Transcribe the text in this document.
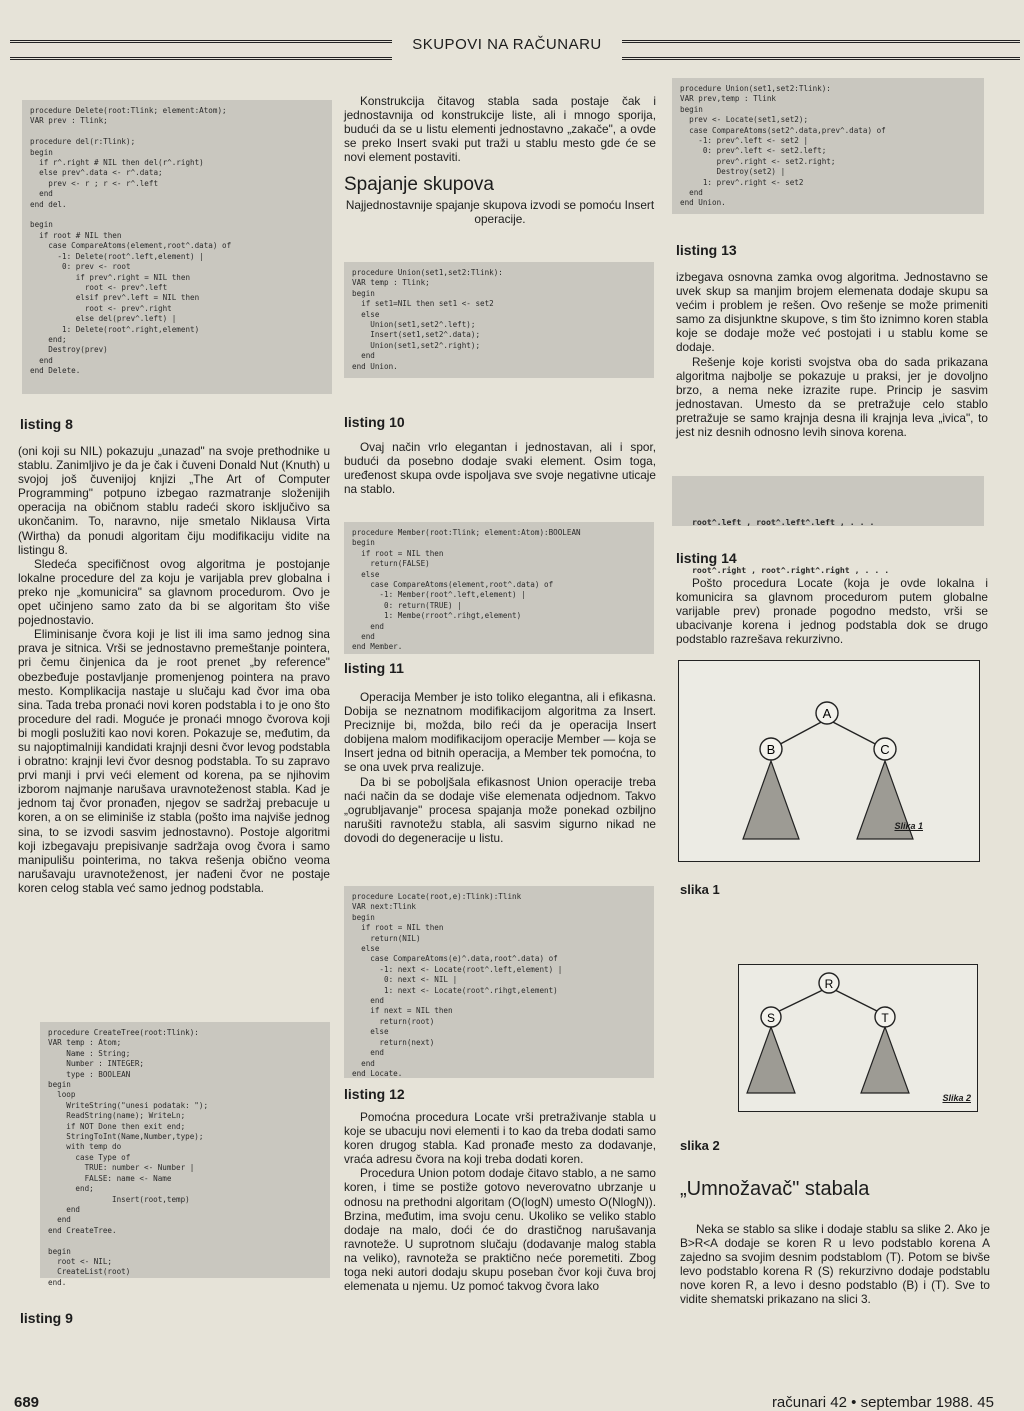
SKUPOVI NA RAČUNARU
procedure Delete(root:Tlink; element:Atom);
VAR prev : Tlink;

procedure del(r:Tlink);
begin
if r^.right # NIL then del(r^.right)
else prev^.data <- r^.data;
prev <- r ; r <- r^.left
end
end del.

begin
if root # NIL then
case CompareAtoms(element,root^.data) of
-1: Delete(root^.left,element) |
0: prev <- root
if prev^.right = NIL then
root <- prev^.left
elsif prev^.left = NIL then
root <- prev^.right
else del(prev^.left) |
1: Delete(root^.right,element)
end;
Destroy(prev)
end
end Delete.
listing 8

(oni koji su NIL) pokazuju „unazad" na svoje prethodnike u stablu. Zanimljivo je da je čak i čuveni Donald Nut (Knuth) u svojoj još čuvenijoj knjizi „The Art of Computer Programming" potpuno izbegao razmatranje složenijih operacija na običnom stablu radeći skoro isključivo sa ukončanim. To, naravno, nije smetalo Niklausa Virta (Wirtha) da ponudi algoritam čiju modifikaciju vidite na listingu 8.

Sledeća specifičnost ovog algoritma je postojanje lokalne procedure del za koju je varijabla prev globalna i preko nje „komunicira" sa glavnom procedurom. Ovo je opet učinjeno samo zato da bi se algoritam što više pojednostavio.

Eliminisanje čvora koji je list ili ima samo jednog sina prava je sitnica. Vrši se jednostavno premeštanje pointera, pri čemu činjenica da je root prenet „by reference" obezbeđuje postavljanje promenjenog pointera na pravo mesto. Komplikacija nastaje u slučaju kad čvor ima oba sina. Tada treba pronaći novi koren podstabla i to je ono što procedure del radi. Moguće je pronaći mnogo čvorova koji bi mogli poslužiti kao novi koren. Pokazuje se, međutim, da su najoptimalniji kandidati krajnji desni čvor levog podstabla i obratno: krajnji levi čvor desnog podstabla. To su zapravo prvi manji i prvi veći element od korena, pa se njihovim izborom najmanje narušava uravnoteženost stabla. Kad je jednom taj čvor pronađen, njegov se sadržaj prebacuje u koren, a on se eliminiše iz stabla (pošto ima najviše jednog sina, to se izvodi sasvim jednostavno). Postoje algoritmi koji izbegavaju prepisivanje sadržaja ovog čvora i samo manipulišu pointerima, no takva rešenja obično veoma narušavaju uravnoteženost, jer nađeni čvor ne postaje koren celog stabla već samo jednog podstabla.

procedure CreateTree(root:Tlink):
VAR temp : Atom;
Name : String;
Number : INTEGER;
type : BOOLEAN
begin
loop
WriteString("unesi podatak: ");
ReadString(name); WriteLn;
if NOT Done then exit end;
StringToInt(Name,Number,type);
with temp do
case Type of
TRUE: number <- Number |
FALSE: name <- Name
end;
Insert(root,temp)
end
end
end CreateTree.

begin
root <- NIL;
CreateList(root)
end.
listing 9

Konstrukcija čitavog stabla sada postaje čak i jednostavnija od konstrukcije liste, ali i mnogo sporija, budući da se u listu elementi jednostavno „zakače", a ovde se preko Insert svaki put traži u stablu mesto gde će se novi element postaviti.

Spajanje skupova
Najjednostavnije spajanje skupova izvodi se pomoću Insert operacije.
procedure Union(set1,set2:Tlink):
VAR temp : Tlink;
begin
if set1=NIL then set1 <- set2
else
Union(set1,set2^.left);
Insert(set1,set2^.data);
Union(set1,set2^.right);
end
end Union.
listing 10

Ovaj način vrlo elegantan i jednostavan, ali i spor, budući da posebno dodaje svaki element. Osim toga, uređenost skupa ovde ispoljava sve svoje negativne uticaje na stablo.

procedure Member(root:Tlink; element:Atom):BOOLEAN
begin
if root = NIL then
return(FALSE)
else
case CompareAtoms(element,root^.data) of
-1: Member(root^.left,element) |
0: return(TRUE) |
1: Membe(rroot^.rihgt,element)
end
end
end Member.
listing 11

Operacija Member je isto toliko elegantna, ali i efikasna. Dobija se neznatnom modifikacijom algoritma za Insert. Preciznije bi, možda, bilo reći da je operacija Insert dobijena malom modifikacijom operacije Member — koja se Insert jedna od bitnih operacija, a Member tek pomoćna, to se ona uvek prva realizuje.

Da bi se poboljšala efikasnost Union operacije treba naći način da se dodaje više elemenata odjednom. Takvo „ogrubljavanje" procesa spajanja može ponekad ozbiljno narušiti ravnotežu stabla, ali sasvim sigurno nikad ne dovodi do degeneracije u listu.

procedure Locate(root,e):Tlink):Tlink
VAR next:Tlink
begin
if root = NIL then
return(NIL)
else
case CompareAtoms(e)^.data,root^.data) of
-1: next <- Locate(root^.left,element) |
0: next <- NIL |
1: next <- Locate(root^.rihgt,element)
end
if next = NIL then
return(root)
else
return(next)
end
end
end Locate.
listing 12

Pomoćna procedura Locate vrši pretraživanje stabla u koje se ubacuju novi elementi i to kao da treba dodati samo koren drugog stabla. Kad pronađe mesto za dodavanje, vraća adresu čvora na koji treba dodati koren.

Procedura Union potom dodaje čitavo stablo, a ne samo koren, i time se postiže gotovo neverovatno ubrzanje u odnosu na prethodni algoritam (O(logN) umesto O(NlogN)). Brzina, međutim, ima svoju cenu. Ukoliko se veliko stablo dodaje na malo, doći će do drastičnog narušavanja ravnoteže. U suprotnom slučaju (dodavanje malog stabla na veliko), ravnoteža se praktično neće poremetiti. Zbog toga neki autori dodaju skupu poseban čvor koji čuva broj elemenata u njemu. Uz pomoć takvog čvora lako

procedure Union(set1,set2:Tlink):
VAR prev,temp : Tlink
begin
prev <- Locate(set1,set2);
case CompareAtoms(set2^.data,prev^.data) of
-1: prev^.left <- set2 |
0: prev^.left <- set2.left;
prev^.right <- set2.right;
Destroy(set2) |
1: prev^.right <- set2
end
end Union.
listing 13

izbegava osnovna zamka ovog algoritma. Jednostavno se uvek skup sa manjim brojem elemenata dodaje skupu sa većim i problem je rešen. Ovo rešenje se može primeniti samo za disjunktne skupove, s tim što iznimno koren stabla koje se dodaje može već postojati i u stablu kome se dodaje.

Rešenje koje koristi svojstva oba do sada prikazana algoritma najbolje se pokazuje u praksi, jer je dovoljno brzo, a nema neke izrazite rupe. Princip je sasvim jednostavan. Umesto da se pretražuje celo stablo pretražuje se samo krajnja desna ili krajnja leva „ivica", to jest niz desnih odnosno levih sinova korena.

root^.left , root^.left^.left , . . .

root^.right , root^.right^.right , . . .

listing 14

Pošto procedura Locate (koja je ovde lokalna i komunicira sa glavnom procedurom putem globalne varijable prev) pronade pogodno medsto, vrši se ubacivanje korena i jednog podstabla dok se drugo podstablo razrešava rekurzivno.

A
B	C
Slika 1
slika 1
R
S	T
Slika 2
slika 2
„Umnožavač" stabala

Neka se stablo sa slike i dodaje stablu sa slike 2. Ako je B>R<A dodaje se koren R u levo podstablo korena A zajedno sa svojim desnim podstablom (T). Potom se bivše levo podstablo korena R (S) rekurzivno dodaje podstablu nove koren R, a levo i desno podstablo (B) i (T). Sve to vidite shematski prikazano na slici 3.

689	računari 42 • septembar 1988. 45
